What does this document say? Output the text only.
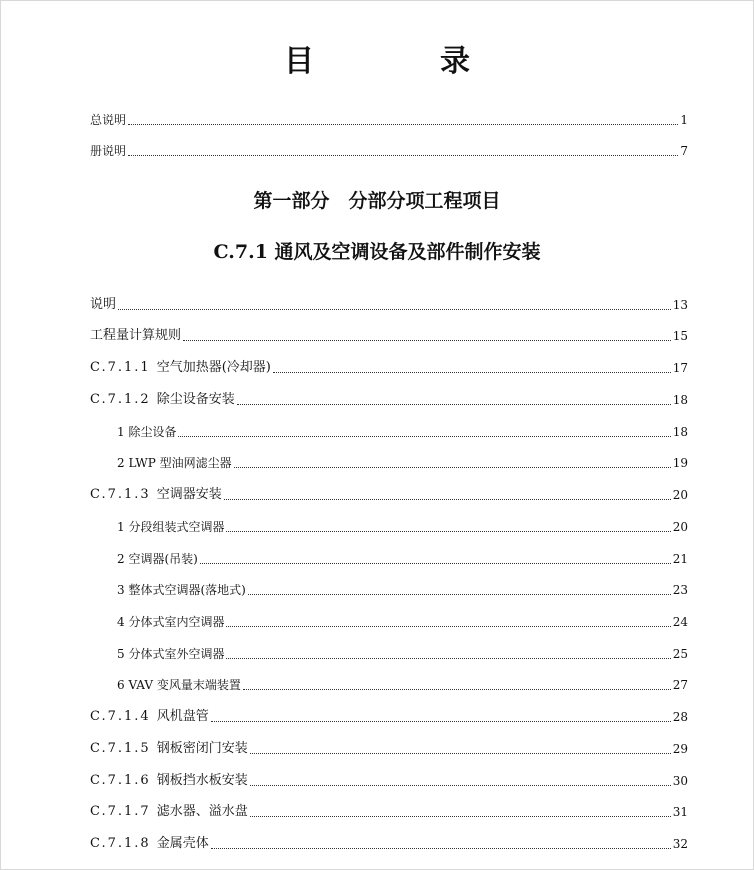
目　录
总说明	1
册说明	7
第一部分　分部分项工程项目
C.7.1 通风及空调设备及部件制作安装
说明	13
工程量计算规则	15
C.7.1.1 空气加热器(冷却器)	17
C.7.1.2 除尘设备安装	18
1 除尘设备	18
2 LWP 型油网滤尘器	19
C.7.1.3 空调器安装	20
1 分段组装式空调器	20
2 空调器(吊装)	21
3 整体式空调器(落地式)	23
4 分体式室内空调器	24
5 分体式室外空调器	25
6 VAV 变风量末端装置	27
C.7.1.4 风机盘管	28
C.7.1.5 钢板密闭门安装	29
C.7.1.6 钢板挡水板安装	30
C.7.1.7 滤水器、溢水盘	31
C.7.1.8 金属壳体	32
